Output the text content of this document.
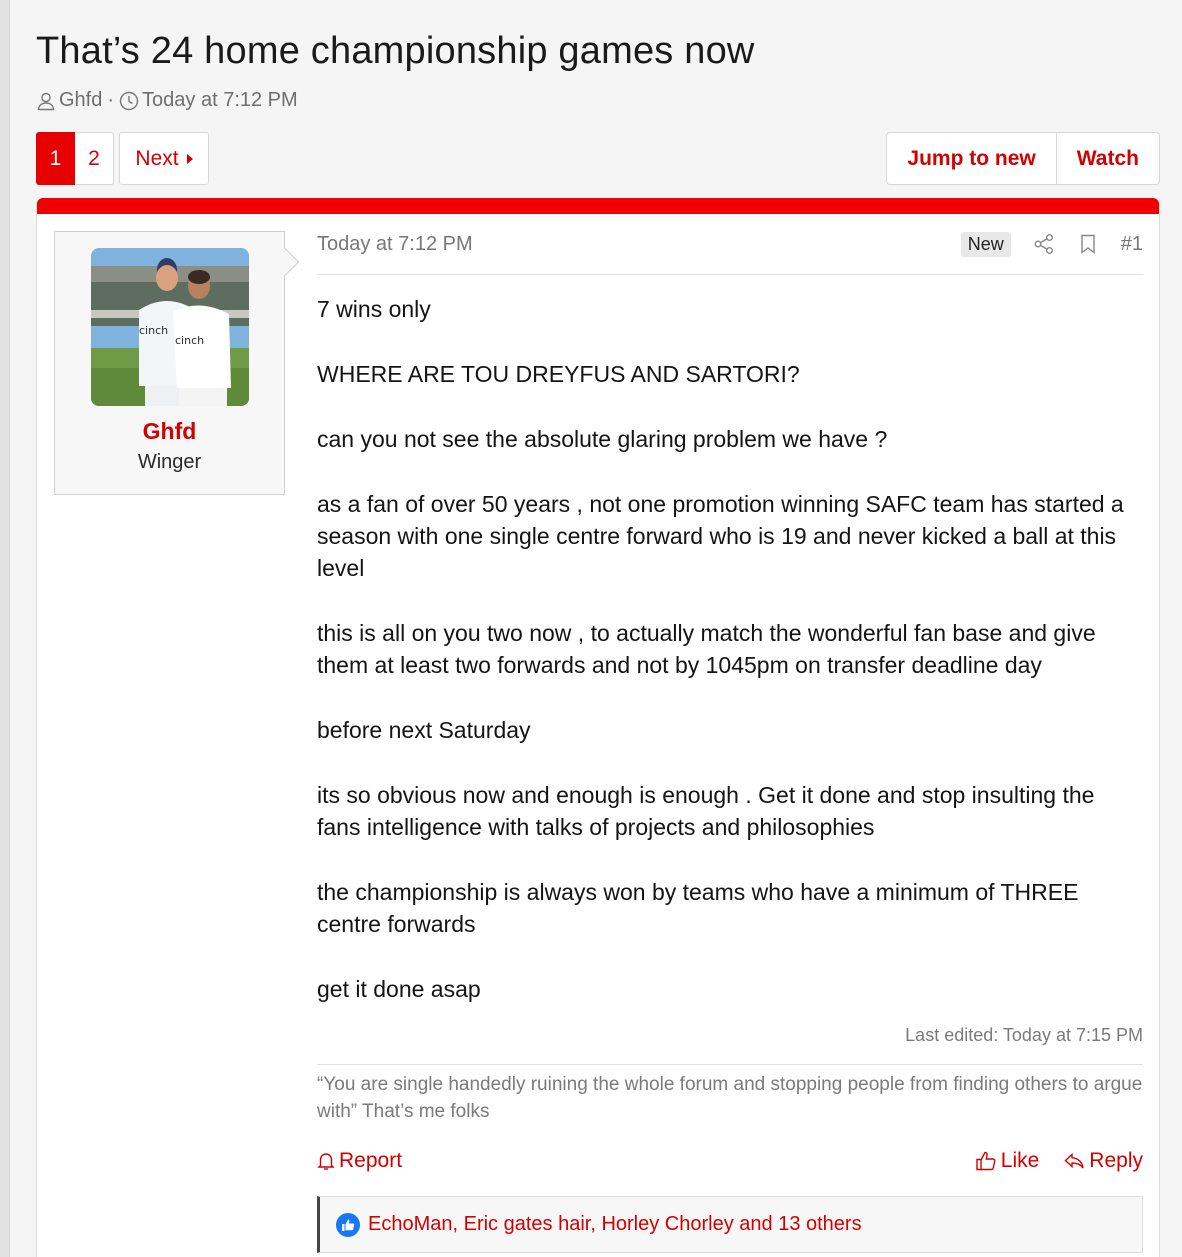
That’s 24 home championship games now
Ghfd · Today at 7:12 PM
1	2	Next	Jump to new	Watch
cinch
cinch
Ghfd
Winger
Today at 7:12 PM	New	#1

7 wins only

WHERE ARE TOU DREYFUS AND SARTORI?

can you not see the absolute glaring problem we have ?

as a fan of over 50 years , not one promotion winning SAFC team has started a season with one single centre forward who is 19 and never kicked a ball at this level

this is all on you two now , to actually match the wonderful fan base and give them at least two forwards and not by 1045pm on transfer deadline day

before next Saturday

its so obvious now and enough is enough . Get it done and stop insulting the fans intelligence with talks of projects and philosophies

the championship is always won by teams who have a minimum of THREE centre forwards

get it done asap

Last edited: Today at 7:15 PM
“You are single handedly ruining the whole forum and stopping people from finding others to argue with” That’s me folks
Report	Like Reply
EchoMan, Eric gates hair, Horley Chorley and 13 others
